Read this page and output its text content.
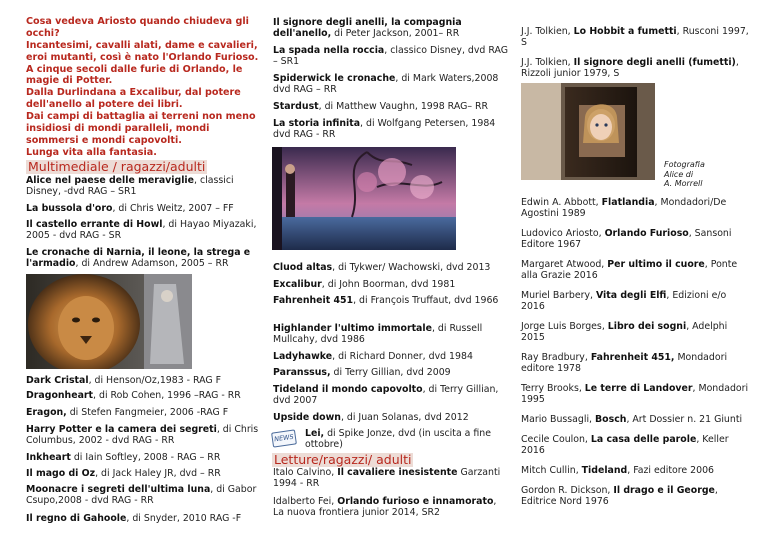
Cosa vedeva Ariosto quando chiudeva gli occhi?
Incantesimi, cavalli alati, dame e cavalieri, eroi mutanti, così è nato l'Orlando Furioso.
A cinque secoli dalle furie di Orlando, le magie di Potter.
Dalla Durlindana a Excalibur, dal potere dell'anello al potere dei libri.
Dai campi di battaglia ai terreni non meno insidiosi di mondi paralleli, mondi sommersi e mondi capovolti.
Lunga vita alla fantasia.
Multimediale / ragazzi/adulti
Alice nel paese delle meraviglie, classici Disney, -dvd RAG – SR1
La bussola d'oro, di Chris Weitz, 2007 – FF
Il castello errante di Howl, di Hayao Miyazaki, 2005 - dvd RAG - SR
Le cronache di Narnia, il leone, la strega e l'armadio, di Andrew Adamson, 2005 – RR
Dark Cristal, di Henson/Oz,1983 - RAG F
Dragonheart, di Rob Cohen, 1996 –RAG - RR
Eragon, di Stefen Fangmeier, 2006 -RAG F
Harry Potter e la camera dei segreti, di Chris Columbus, 2002 - dvd RAG - RR
Inkheart di Iain Softley, 2008 - RAG – RR
Il mago di Oz, di Jack Haley JR, dvd – RR
Moonacre i segreti dell'ultima luna, di Gabor Csupo,2008 - dvd RAG - RR
Il regno di Gahoole, di Snyder, 2010 RAG -F
Il signore degli anelli, la compagnia dell'anello, di Peter Jackson, 2001– RR
La spada nella roccia, classico Disney, dvd RAG – SR1
Spiderwick le cronache, di Mark Waters,2008 dvd RAG – RR
Stardust, di Matthew Vaughn, 1998 RAG– RR
La storia infinita, di Wolfgang Petersen, 1984 dvd RAG - RR
Cluod altas, di Tykwer/ Wachowski, dvd 2013
Excalibur, di John Boorman, dvd 1981
Fahrenheit 451, di François Truffaut, dvd 1966
Highlander l'ultimo immortale, di Russell Mullcahy, dvd 1986
Ladyhawke, di Richard Donner, dvd 1984
Paranssus, di Terry Gillian, dvd 2009
Tideland il mondo capovolto, di Terry Gillian, dvd 2007
Upside down, di Juan Solanas, dvd 2012
NEWS Lei, di Spike Jonze, dvd (in uscita a fine ottobre)
Letture/ragazzi/ adulti
Italo Calvino, Il cavaliere inesistente Garzanti 1994 - RR
Idalberto Fei, Orlando furioso e innamorato, La nuova frontiera junior 2014, SR2
J.J. Tolkien, Lo Hobbit a fumetti, Rusconi 1997, S
J.J. Tolkien, Il signore degli anelli (fumetti), Rizzoli junior 1979, S
Fotografia
Alice di
A. Morrell
Edwin A. Abbott, Flatlandia, Mondadori/De Agostini 1989
Ludovico Ariosto, Orlando Furioso, Sansoni Editore 1967
Margaret Atwood, Per ultimo il cuore, Ponte alla Grazie 2016
Muriel Barbery, Vita degli Elfi, Edizioni e/o 2016
Jorge Luis Borges, Libro dei sogni, Adelphi 2015
Ray Bradbury, Fahrenheit 451, Mondadori editore 1978
Terry Brooks, Le terre di Landover, Mondadori 1995
Mario Bussagli, Bosch, Art Dossier n. 21 Giunti
Cecile Coulon, La casa delle parole, Keller 2016
Mitch Cullin, Tideland, Fazi editore 2006
Gordon R. Dickson, Il drago e il George, Editrice Nord 1976
